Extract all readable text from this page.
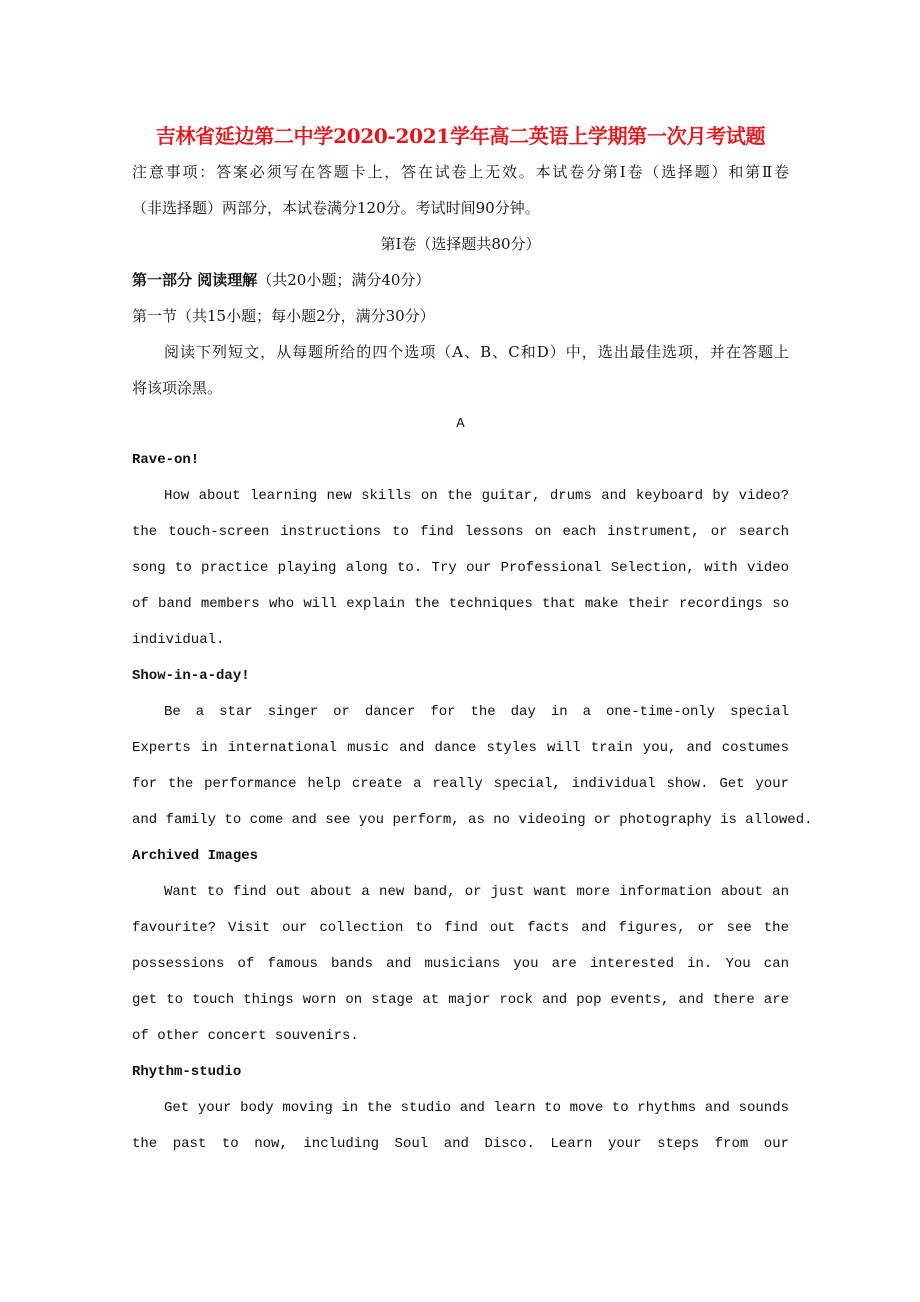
吉林省延边第二中学2020-2021学年高二英语上学期第一次月考试题
注意事项：答案必须写在答题卡上，答在试卷上无效。本试卷分第Ⅰ卷（选择题）和第Ⅱ卷
（非选择题）两部分，本试卷满分120分。考试时间90分钟。
第Ⅰ卷（选择题共80分）
第一部分 阅读理解（共20小题；满分40分）
第一节（共15小题；每小题2分，满分30分）
阅读下列短文，从每题所给的四个选项（A、B、C和D）中，选出最佳选项，并在答题上
将该项涂黑。
A
Rave-on!
How about learning new skills on the guitar, drums and keyboard by video?
the touch-screen instructions to find lessons on each instrument, or search
song to practice playing along to. Try our Professional Selection, with video
of band members who will explain the techniques that make their recordings so
individual.
Show-in-a-day!
Be a star singer or dancer for the day in a one-time-only special
Experts in international music and dance styles will train you, and costumes
for the performance help create a really special, individual show. Get your
and family to come and see you perform, as no videoing or photography is allowed.
Archived Images
Want to find out about a new band, or just want more information about an
favourite? Visit our collection to find out facts and figures, or see the
possessions of famous bands and musicians you are interested in. You can
get to touch things worn on stage at major rock and pop events, and there are
of other concert souvenirs.
Rhythm-studio
Get your body moving in the studio and learn to move to rhythms and sounds
the past to now, including Soul and Disco. Learn your steps from our
